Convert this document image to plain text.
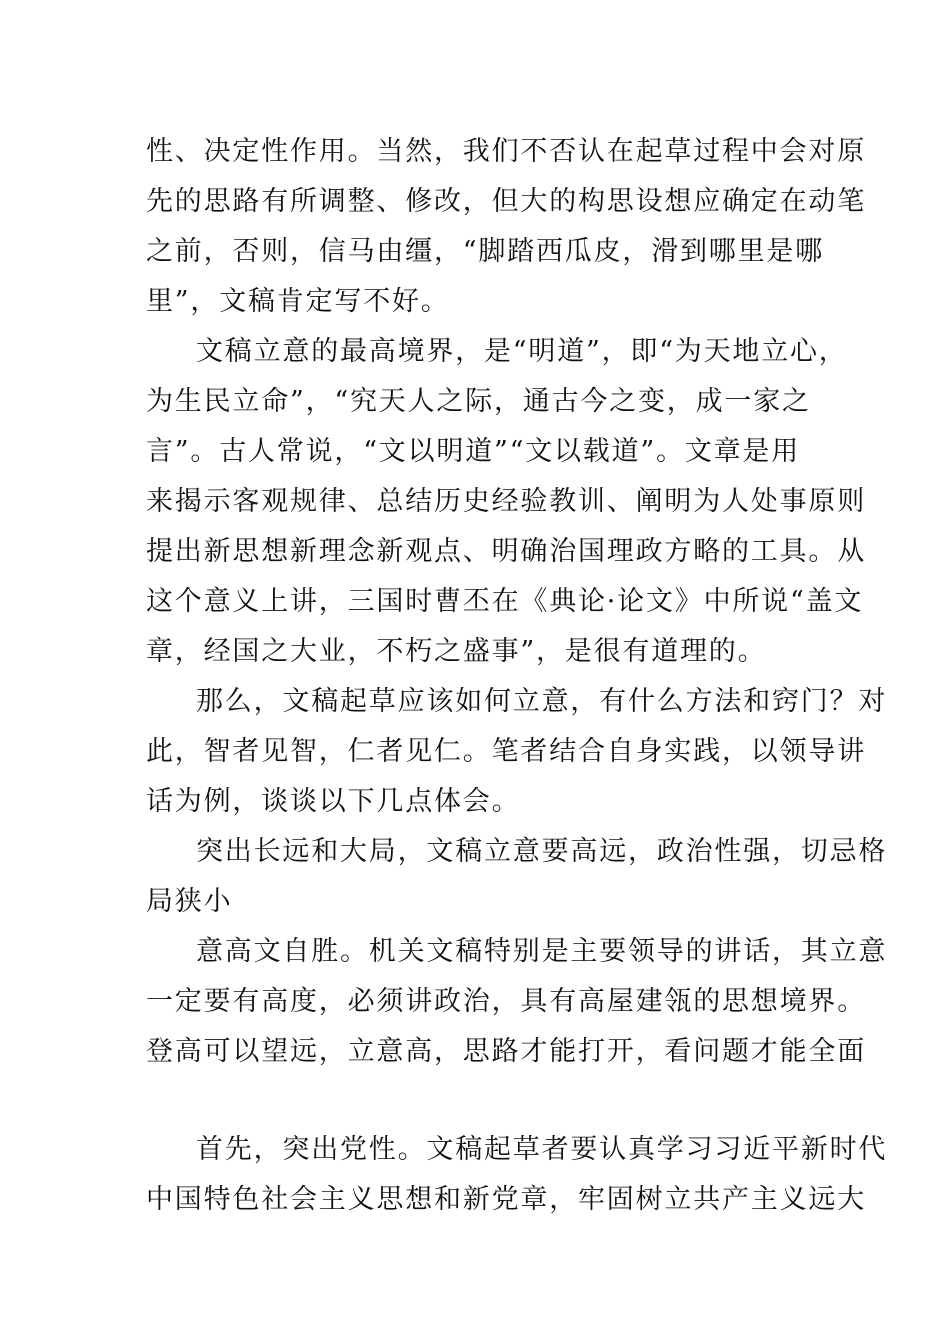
性、决定性作用。当然，我们不否认在起草过程中会对原
先的思路有所调整、修改，但大的构思设想应确定在动笔
之前，否则，信马由缰，“脚踏西瓜皮，滑到哪里是哪
里”，文稿肯定写不好。
文稿立意的最高境界，是“明道”，即“为天地立心，
为生民立命”，“究天人之际，通古今之变，成一家之
言”。古人常说，“文以明道”“文以载道”。文章是用
来揭示客观规律、总结历史经验教训、阐明为人处事原则
提出新思想新理念新观点、明确治国理政方略的工具。从
这个意义上讲，三国时曹丕在《典论·论文》中所说“盖文
章，经国之大业，不朽之盛事”，是很有道理的。
那么，文稿起草应该如何立意，有什么方法和窍门？对
此，智者见智，仁者见仁。笔者结合自身实践，以领导讲
话为例，谈谈以下几点体会。
突出长远和大局，文稿立意要高远，政治性强，切忌格
局狭小
意高文自胜。机关文稿特别是主要领导的讲话，其立意
一定要有高度，必须讲政治，具有高屋建瓴的思想境界。
登高可以望远，立意高，思路才能打开，看问题才能全面
首先，突出党性。文稿起草者要认真学习习近平新时代
中国特色社会主义思想和新党章，牢固树立共产主义远大
